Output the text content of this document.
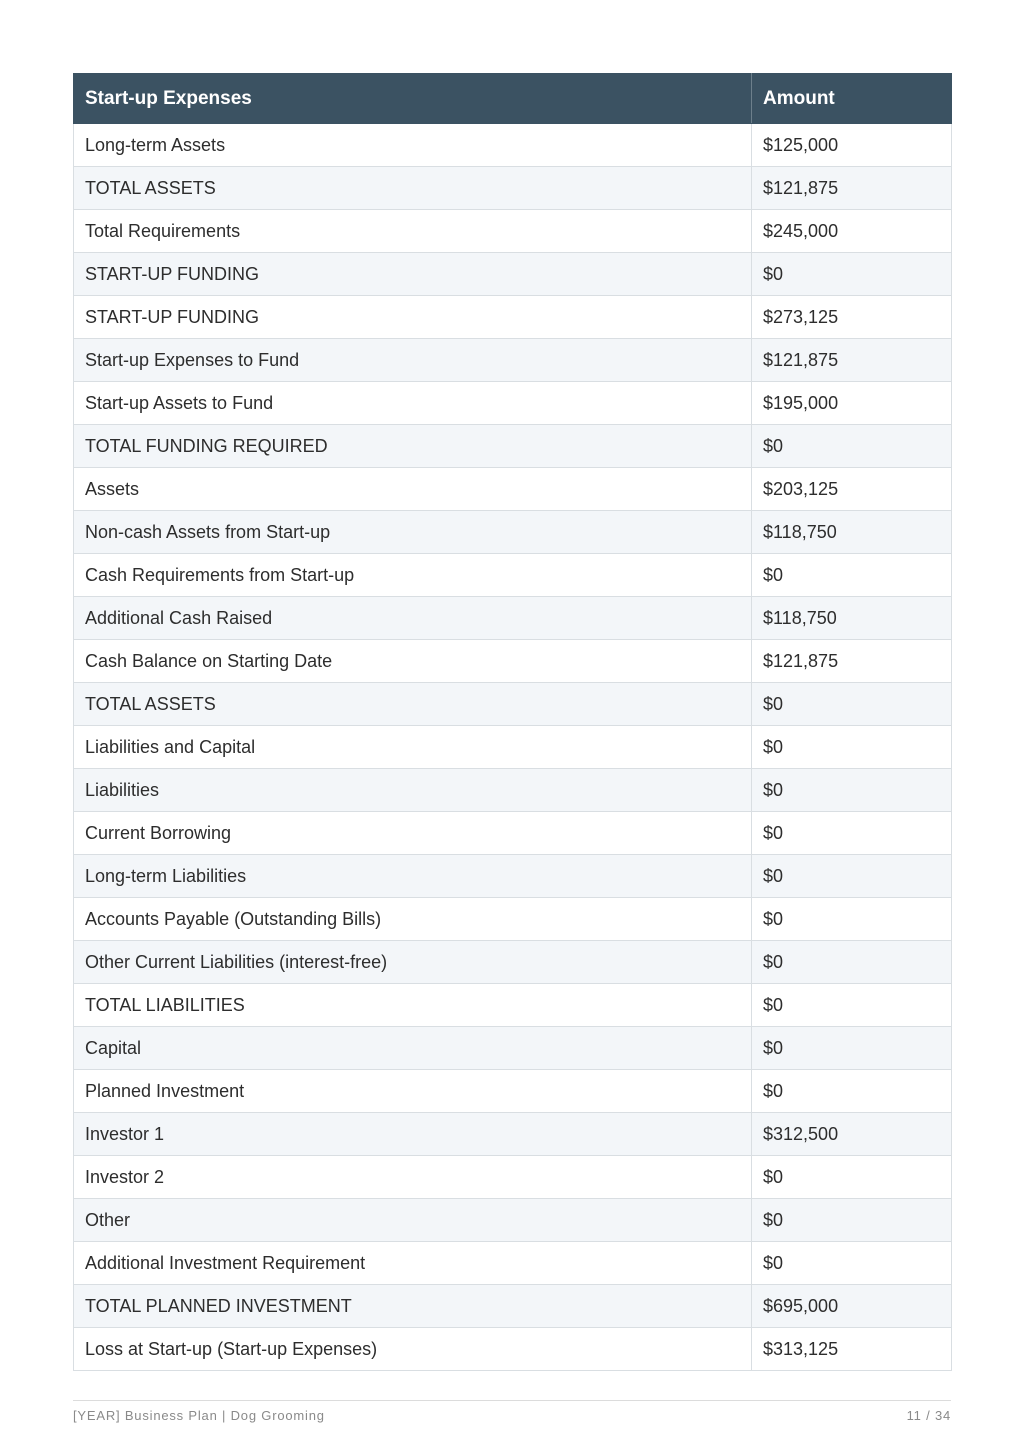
Start-up Expenses	Amount
Long-term Assets	$125,000
TOTAL ASSETS	$121,875
Total Requirements	$245,000
START-UP FUNDING	$0
START-UP FUNDING	$273,125
Start-up Expenses to Fund	$121,875
Start-up Assets to Fund	$195,000
TOTAL FUNDING REQUIRED	$0
Assets	$203,125
Non-cash Assets from Start-up	$118,750
Cash Requirements from Start-up	$0
Additional Cash Raised	$118,750
Cash Balance on Starting Date	$121,875
TOTAL ASSETS	$0
Liabilities and Capital	$0
Liabilities	$0
Current Borrowing	$0
Long-term Liabilities	$0
Accounts Payable (Outstanding Bills)	$0
Other Current Liabilities (interest-free)	$0
TOTAL LIABILITIES	$0
Capital	$0
Planned Investment	$0
Investor 1	$312,500
Investor 2	$0
Other	$0
Additional Investment Requirement	$0
TOTAL PLANNED INVESTMENT	$695,000
Loss at Start-up (Start-up Expenses)	$313,125
[YEAR] Business Plan | Dog Grooming	11 / 34
